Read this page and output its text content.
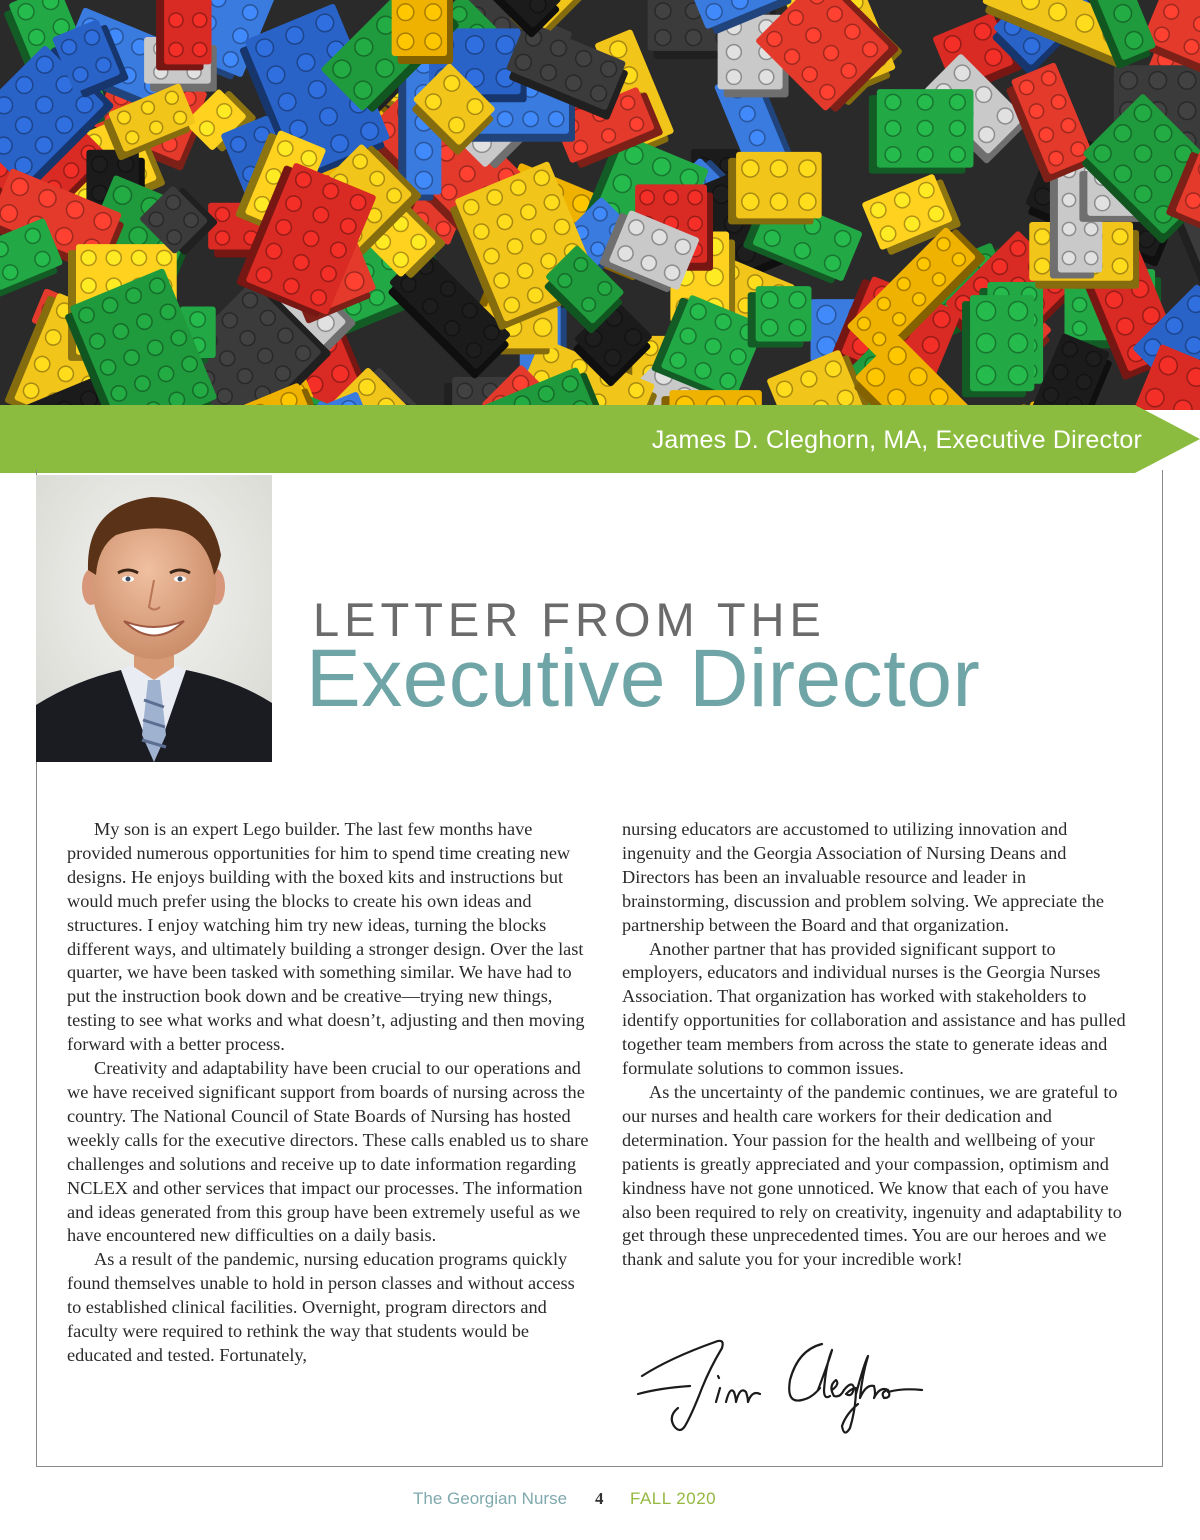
James D. Cleghorn, MA, Executive Director
LETTER FROM THE
Executive Director

My son is an expert Lego builder. The last few months have provided numerous opportunities for him to spend time creating new designs. He enjoys building with the boxed kits and instructions but would much prefer using the blocks to create his own ideas and structures. I enjoy watching him try new ideas, turning the blocks different ways, and ultimately building a stronger design. Over the last quarter, we have been tasked with something similar. We have had to put the instruction book down and be creative—trying new things, testing to see what works and what doesn’t, adjusting and then moving forward with a better process.

Creativity and adaptability have been crucial to our operations and we have received significant support from boards of nursing across the country. The National Council of State Boards of Nursing has hosted weekly calls for the executive directors. These calls enabled us to share challenges and solutions and receive up to date information regarding NCLEX and other services that impact our processes. The information and ideas generated from this group have been extremely useful as we have encountered new difficulties on a daily basis.

As a result of the pandemic, nursing education programs quickly found themselves unable to hold in person classes and without access to established clinical facilities. Overnight, program directors and faculty were required to rethink the way that students would be educated and tested. Fortunately,

nursing educators are accustomed to utilizing innovation and ingenuity and the Georgia Association of Nursing Deans and Directors has been an invaluable resource and leader in brainstorming, discussion and problem solving. We appreciate the partnership between the Board and that organization.

Another partner that has provided significant support to employers, educators and individual nurses is the Georgia Nurses Association. That organization has worked with stakeholders to identify opportunities for collaboration and assistance and has pulled together team members from across the state to generate ideas and formulate solutions to common issues.

As the uncertainty of the pandemic continues, we are grateful to our nurses and health care workers for their dedication and determination. Your passion for the health and wellbeing of your patients is greatly appreciated and your compassion, optimism and kindness have not gone unnoticed. We know that each of you have also been required to rely on creativity, ingenuity and adaptability to get through these unprecedented times. You are our heroes and we thank and salute you for your incredible work!

The Georgian Nurse 4 FALL 2020
